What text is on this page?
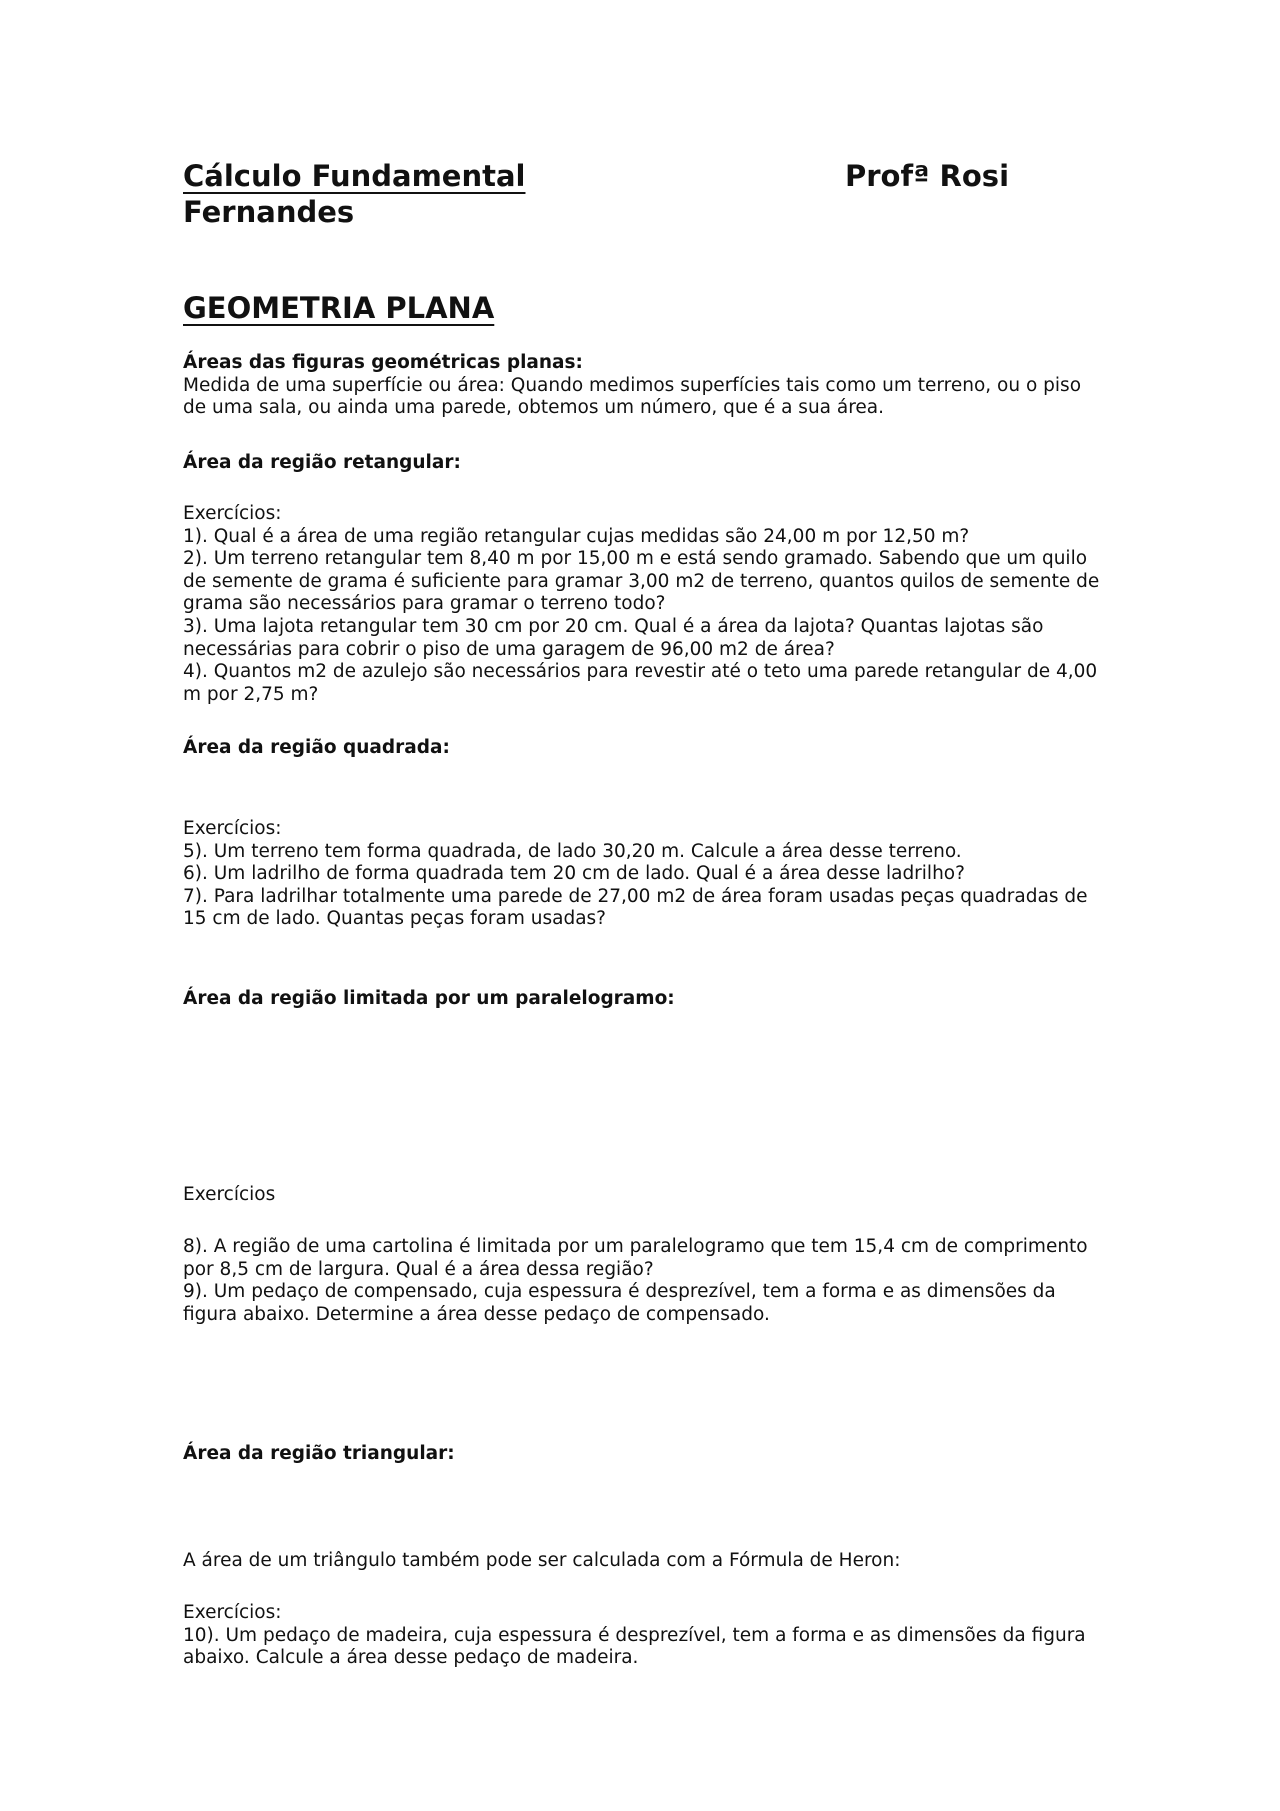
Cálculo Fundamental	Profª Rosi
Fernandes
GEOMETRIA PLANA

Áreas das figuras geométricas planas:

Medida de uma superfície ou área: Quando medimos superfícies tais como um terreno, ou o piso de uma sala, ou ainda uma parede, obtemos um número, que é a sua área.

Área da região retangular:

Exercícios:

1). Qual é a área de uma região retangular cujas medidas são 24,00 m por 12,50 m?

2). Um terreno retangular tem 8,40 m por 15,00 m e está sendo gramado. Sabendo que um quilo de semente de grama é suficiente para gramar 3,00 m2 de terreno, quantos quilos de semente de grama são necessários para gramar o terreno todo?

3). Uma lajota retangular tem 30 cm por 20 cm. Qual é a área da lajota? Quantas lajotas são necessárias para cobrir o piso de uma garagem de 96,00 m2 de área?

4). Quantos m2 de azulejo são necessários para revestir até o teto uma parede retangular de 4,00 m por 2,75 m?

Área da região quadrada:

Exercícios:

5). Um terreno tem forma quadrada, de lado 30,20 m. Calcule a área desse terreno.

6). Um ladrilho de forma quadrada tem 20 cm de lado. Qual é a área desse ladrilho?

7). Para ladrilhar totalmente uma parede de 27,00 m2 de área foram usadas peças quadradas de 15 cm de lado. Quantas peças foram usadas?

Área da região limitada por um paralelogramo:

Exercícios

8). A região de uma cartolina é limitada por um paralelogramo que tem 15,4 cm de comprimento por 8,5 cm de largura. Qual é a área dessa região?

9). Um pedaço de compensado, cuja espessura é desprezível, tem a forma e as dimensões da figura abaixo. Determine a área desse pedaço de compensado.

Área da região triangular:

A área de um triângulo também pode ser calculada com a Fórmula de Heron:

Exercícios:

10). Um pedaço de madeira, cuja espessura é desprezível, tem a forma e as dimensões da figura abaixo. Calcule a área desse pedaço de madeira.
